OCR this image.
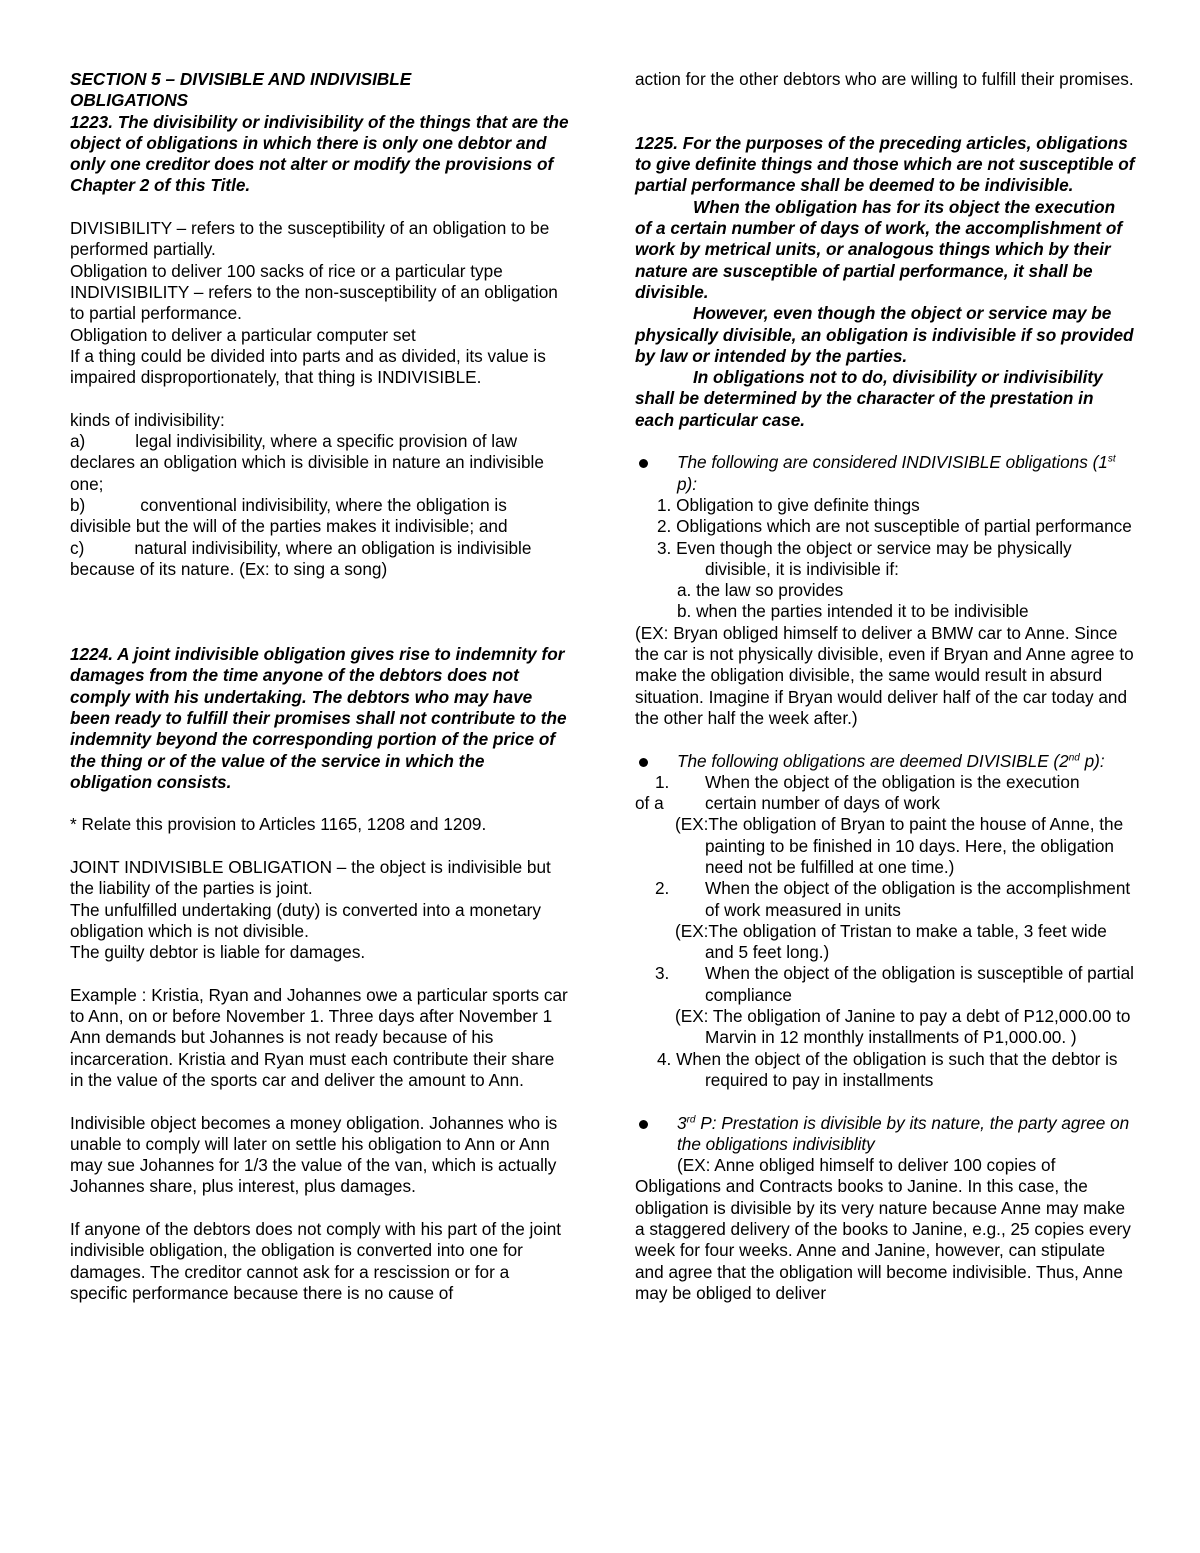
SECTION 5 – DIVISIBLE AND INDIVISIBLE
OBLIGATIONS

1223. The divisibility or indivisibility of the things that are the object of obligations in which there is only one debtor and only one creditor does not alter or modify the provisions of Chapter 2 of this Title.

DIVISIBILITY – refers to the susceptibility of an obligation to be performed partially.

Obligation to deliver 100 sacks of rice or a particular type

INDIVISIBILITY – refers to the non-susceptibility of an obligation to partial performance.

Obligation to deliver a particular computer set

If a thing could be divided into parts and as divided, its value is impaired disproportionately, that thing is INDIVISIBLE.

kinds of indivisibility:

a)	legal indivisibility, where a specific provision of law declares an obligation which is divisible in nature an indivisible one;

b)	conventional indivisibility, where the obligation is divisible but the will of the parties makes it indivisible; and

c)	natural indivisibility, where an obligation is indivisible because of its nature. (Ex: to sing a song)

1224. A joint indivisible obligation gives rise to indemnity for damages from the time anyone of the debtors does not comply with his undertaking. The debtors who may have been ready to fulfill their promises shall not contribute to the indemnity beyond the corresponding portion of the price of the thing or of the value of the service in which the obligation consists.

* Relate this provision to Articles 1165, 1208 and 1209.

JOINT INDIVISIBLE OBLIGATION – the object is indivisible but the liability of the parties is joint.

The unfulfilled undertaking (duty) is converted into a monetary obligation which is not divisible.

The guilty debtor is liable for damages.

Example : Kristia, Ryan and Johannes owe a particular sports car to Ann, on or before November 1. Three days after November 1 Ann demands but Johannes is not ready because of his incarceration. Kristia and Ryan must each contribute their share in the value of the sports car and deliver the amount to Ann.

Indivisible object becomes a money obligation. Johannes who is unable to comply will later on settle his obligation to Ann or Ann may sue Johannes for 1/3 the value of the van, which is actually Johannes share, plus interest, plus damages.

If anyone of the debtors does not comply with his part of the joint indivisible obligation, the obligation is converted into one for damages. The creditor cannot ask for a rescission or for a specific performance because there is no cause of

action for the other debtors who are willing to fulfill their promises.

1225. For the purposes of the preceding articles, obligations to give definite things and those which are not susceptible of partial performance shall be deemed to be indivisible.

When the obligation has for its object the execution of a certain number of days of work, the accomplishment of work by metrical units, or analogous things which by their nature are susceptible of partial performance, it shall be divisible.

However, even though the object or service may be physically divisible, an obligation is indivisible if so provided by law or intended by the parties.

In obligations not to do, divisibility or indivisibility shall be determined by the character of the prestation in each particular case.

The following are considered INDIVISIBLE obligations (1st p):

1. Obligation to give definite things

2. Obligations which are not susceptible of partial performance

3. Even though the object or service may be physically divisible, it is indivisible if:

a. the law so provides

b. when the parties intended it to be indivisible

(EX: Bryan obliged himself to deliver a BMW car to Anne. Since the car is not physically divisible, even if Bryan and Anne agree to make the obligation divisible, the same would result in absurd situation. Imagine if Bryan would deliver half of the car today and the other half the week after.)

The following obligations are deemed DIVISIBLE (2nd p):
1.
of a
When the object of the obligation is the execution certain number of days of work

(EX:The obligation of Bryan to paint the house of Anne, the painting to be finished in 10 days. Here, the obligation need not be fulfilled at one time.)

2.	When the object of the obligation is the accomplishment of work measured in units

(EX:The obligation of Tristan to make a table, 3 feet wide and 5 feet long.)

3.	When the object of the obligation is susceptible of partial compliance

(EX: The obligation of Janine to pay a debt of P12,000.00 to Marvin in 12 monthly installments of P1,000.00. )

4. When the object of the obligation is such that the debtor is required to pay in installments

3rd P: Prestation is divisible by its nature, the party agree on the obligations indivisiblity

(EX: Anne obliged himself to deliver 100 copies of Obligations and Contracts books to Janine. In this case, the obligation is divisible by its very nature because Anne may make a staggered delivery of the books to Janine, e.g., 25 copies every week for four weeks. Anne and Janine, however, can stipulate and agree that the obligation will become indivisible. Thus, Anne may be obliged to deliver
